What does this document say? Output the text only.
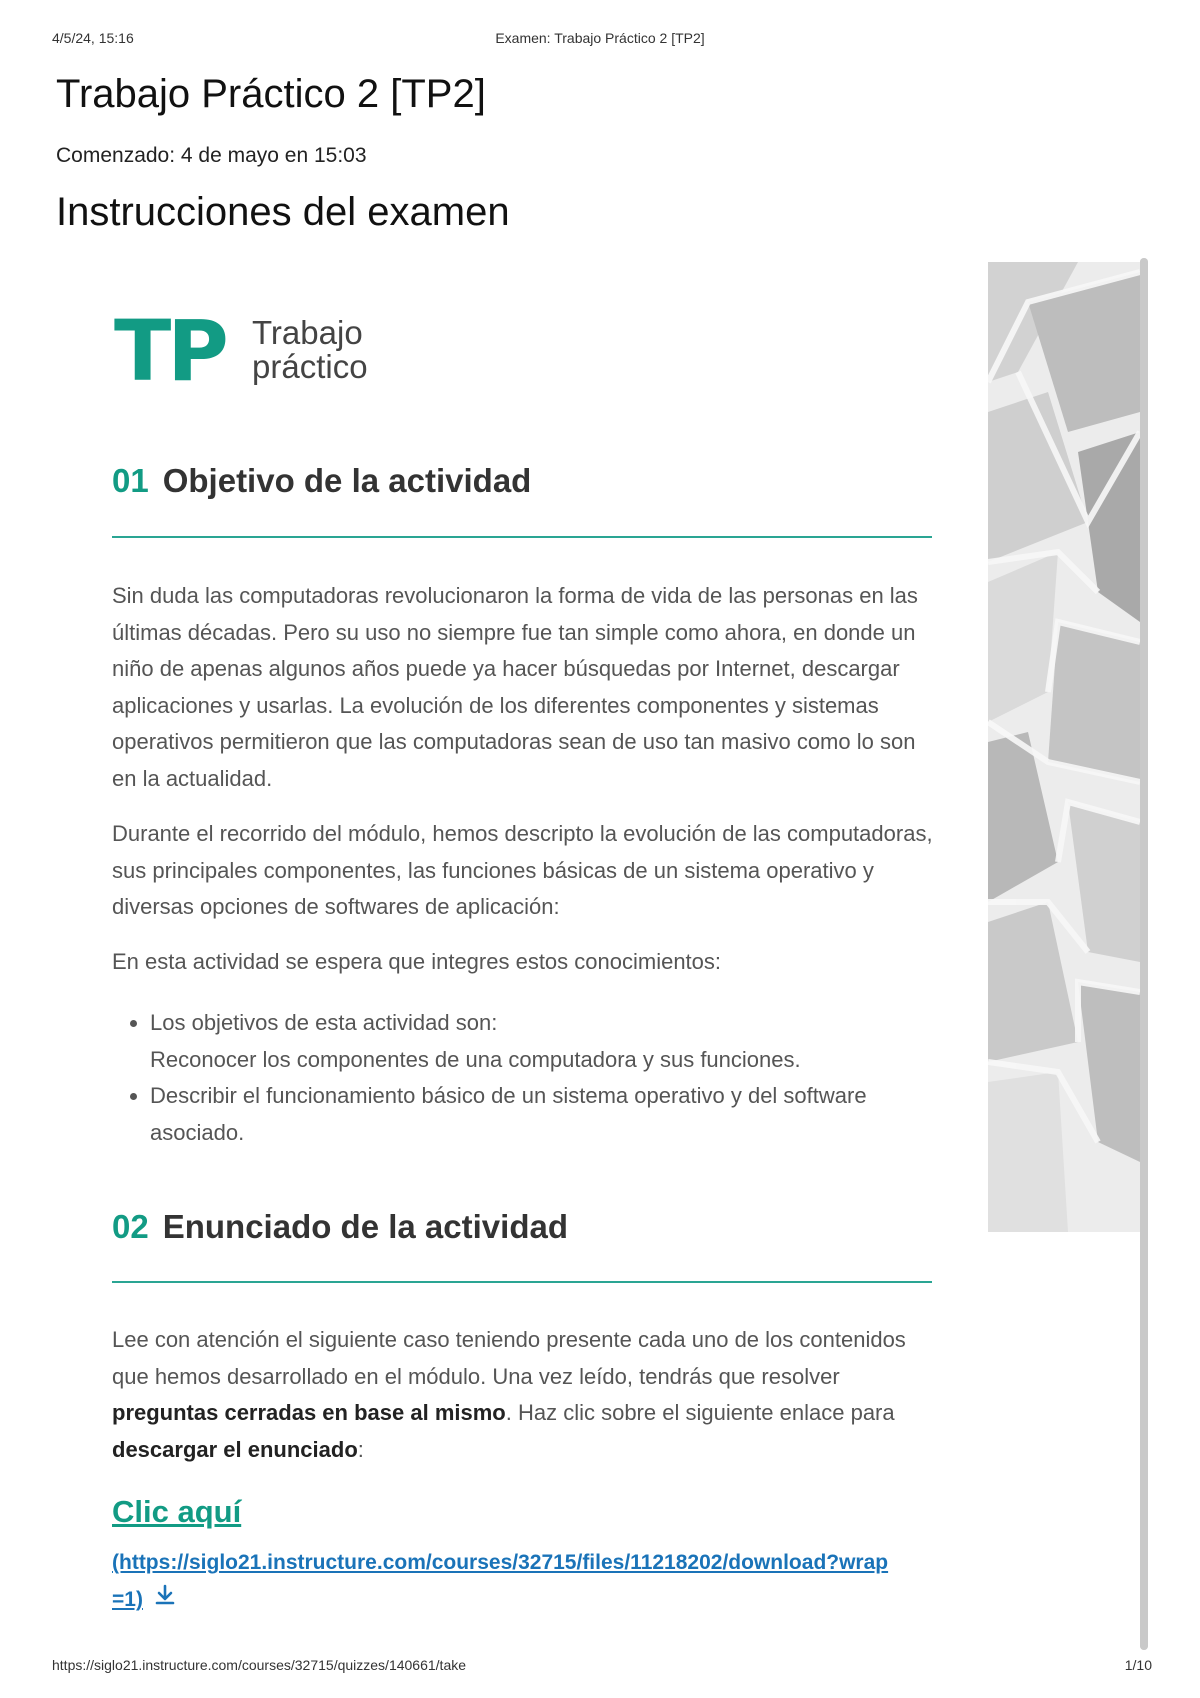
4/5/24, 15:16	Examen: Trabajo Práctico 2 [TP2]
Trabajo Práctico 2 [TP2]
Comenzado: 4 de mayo en 15:03
Instrucciones del examen
TP Trabajo
práctico
01 Objetivo de la actividad

Sin duda las computadoras revolucionaron la forma de vida de las personas en las últimas décadas. Pero su uso no siempre fue tan simple como ahora, en donde un niño de apenas algunos años puede ya hacer búsquedas por Internet, descargar aplicaciones y usarlas. La evolución de los diferentes componentes y sistemas operativos permitieron que las computadoras sean de uso tan masivo como lo son en la actualidad.

Durante el recorrido del módulo, hemos descripto la evolución de las computadoras, sus principales componentes, las funciones básicas de un sistema operativo y diversas opciones de softwares de aplicación:

En esta actividad se espera que integres estos conocimientos:

• Los objetivos de esta actividad son:
Reconocer los componentes de una computadora y sus funciones.
• Describir el funcionamiento básico de un sistema operativo y del software asociado.
02 Enunciado de la actividad

Lee con atención el siguiente caso teniendo presente cada uno de los contenidos que hemos desarrollado en el módulo. Una vez leído, tendrás que resolver preguntas cerradas en base al mismo. Haz clic sobre el siguiente enlace para descargar el enunciado:

Clic aquí
(https://siglo21.instructure.com/courses/32715/files/11218202/download?wrap=1)
https://siglo21.instructure.com/courses/32715/quizzes/140661/take	1/10
